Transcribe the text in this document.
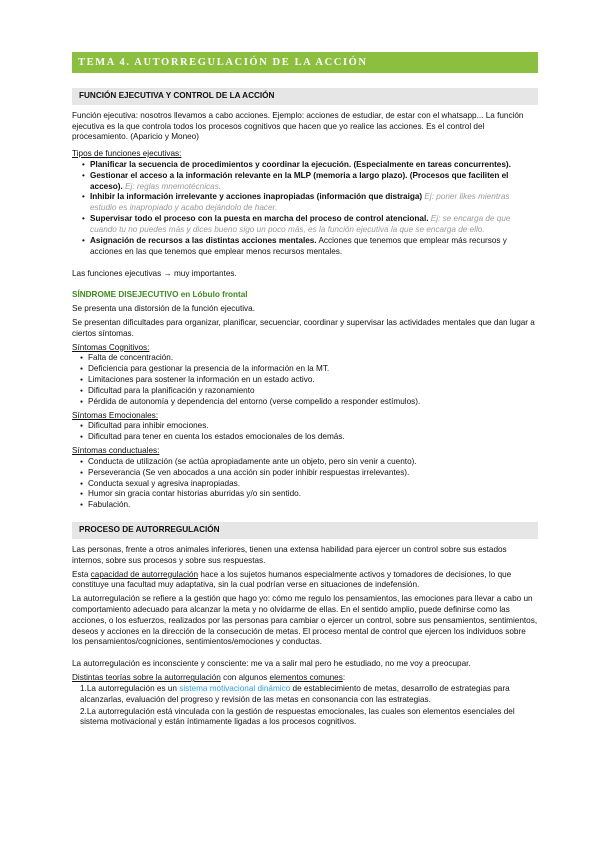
TEMA 4. AUTORREGULACIÓN DE LA ACCIÓN
FUNCIÓN EJECUTIVA Y CONTROL DE LA ACCIÓN

Función ejecutiva: nosotros llevamos a cabo acciones. Ejemplo: acciones de estudiar, de estar con el whatsapp... La función ejecutiva es la que controla todos los procesos cognitivos que hacen que yo realice las acciones. Es el control del procesamiento. (Aparicio y Moneo)

Tipos de funciones ejecutivas:

• Planificar la secuencia de procedimientos y coordinar la ejecución. (Especialmente en tareas concurrentes).
• Gestionar el acceso a la información relevante en la MLP (memoria a largo plazo). (Procesos que faciliten el acceso). Ej: reglas mnemotécnicas.
• Inhibir la información irrelevante y acciones inapropiadas (información que distraiga) Ej: poner likes mientras estudio es inapropiado y acabo dejándolo de hacer.
• Supervisar todo el proceso con la puesta en marcha del proceso de control atencional. Ej: se encarga de que cuando tu no puedes más y dices bueno sigo un poco más, es la función ejecutiva la que se encarga de ello.
• Asignación de recursos a las distintas acciones mentales. Acciones que tenemos que emplear más recursos y acciones en las que tenemos que emplear menos recursos mentales.

Las funciones ejecutivas → muy importantes.

SÍNDROME DISEJECUTIVO en Lóbulo frontal

Se presenta una distorsión de la función ejecutiva.

Se presentan dificultades para organizar, planificar, secuenciar, coordinar y supervisar las actividades mentales que dan lugar a ciertos síntomas.

Síntomas Cognitivos:

● Falta de concentración.
● Deficiencia para gestionar la presencia de la información en la MT.
● Limitaciones para sostener la información en un estado activo.
● Dificultad para la planificación y razonamiento
● Pérdida de autonomía y dependencia del entorno (verse compelido a responder estímulos).

Síntomas Emocionales:

● Dificultad para inhibir emociones.
● Dificultad para tener en cuenta los estados emocionales de los demás.

Síntomas conductuales:

● Conducta de utilización (se actúa apropiadamente ante un objeto, pero sin venir a cuento).
● Perseverancia (Se ven abocados a una acción sin poder inhibir respuestas irrelevantes).
● Conducta sexual y agresiva inapropiadas.
● Humor sin gracia contar historias aburridas y/o sin sentido.
● Fabulación.
PROCESO DE AUTORREGULACIÓN

Las personas, frente a otros animales inferiores, tienen una extensa habilidad para ejercer un control sobre sus estados internos, sobre sus procesos y sobre sus respuestas.

Esta capacidad de autorregulación hace a los sujetos humanos especialmente activos y tomadores de decisiones, lo que constituye una facultad muy adaptativa, sin la cual podrían verse en situaciones de indefensión.

La autorregulación se refiere a la gestión que hago yo: cómo me regulo los pensamientos, las emociones para llevar a cabo un comportamiento adecuado para alcanzar la meta y no olvidarme de ellas. En el sentido amplio, puede definirse como las acciones, o los esfuerzos, realizados por las personas para cambiar o ejercer un control, sobre sus pensamientos, sentimientos, deseos y acciones en la dirección de la consecución de metas. El proceso mental de control que ejercen los individuos sobre los pensamientos/cogniciones, sentimientos/emociones y conductas.

La autorregulación es inconsciente y consciente: me va a salir mal pero he estudiado, no me voy a preocupar.

Distintas teorías sobre la autorregulación con algunos elementos comunes:

1.La autorregulación es un sistema motivacional dinámico de establecimiento de metas, desarrollo de estrategias para alcanzarlas, evaluación del progreso y revisión de las metas en consonancia con las estrategias.

2.La autorregulación está vinculada con la gestión de respuestas emocionales, las cuales son elementos esenciales del sistema motivacional y están íntimamente ligadas a los procesos cognitivos.
